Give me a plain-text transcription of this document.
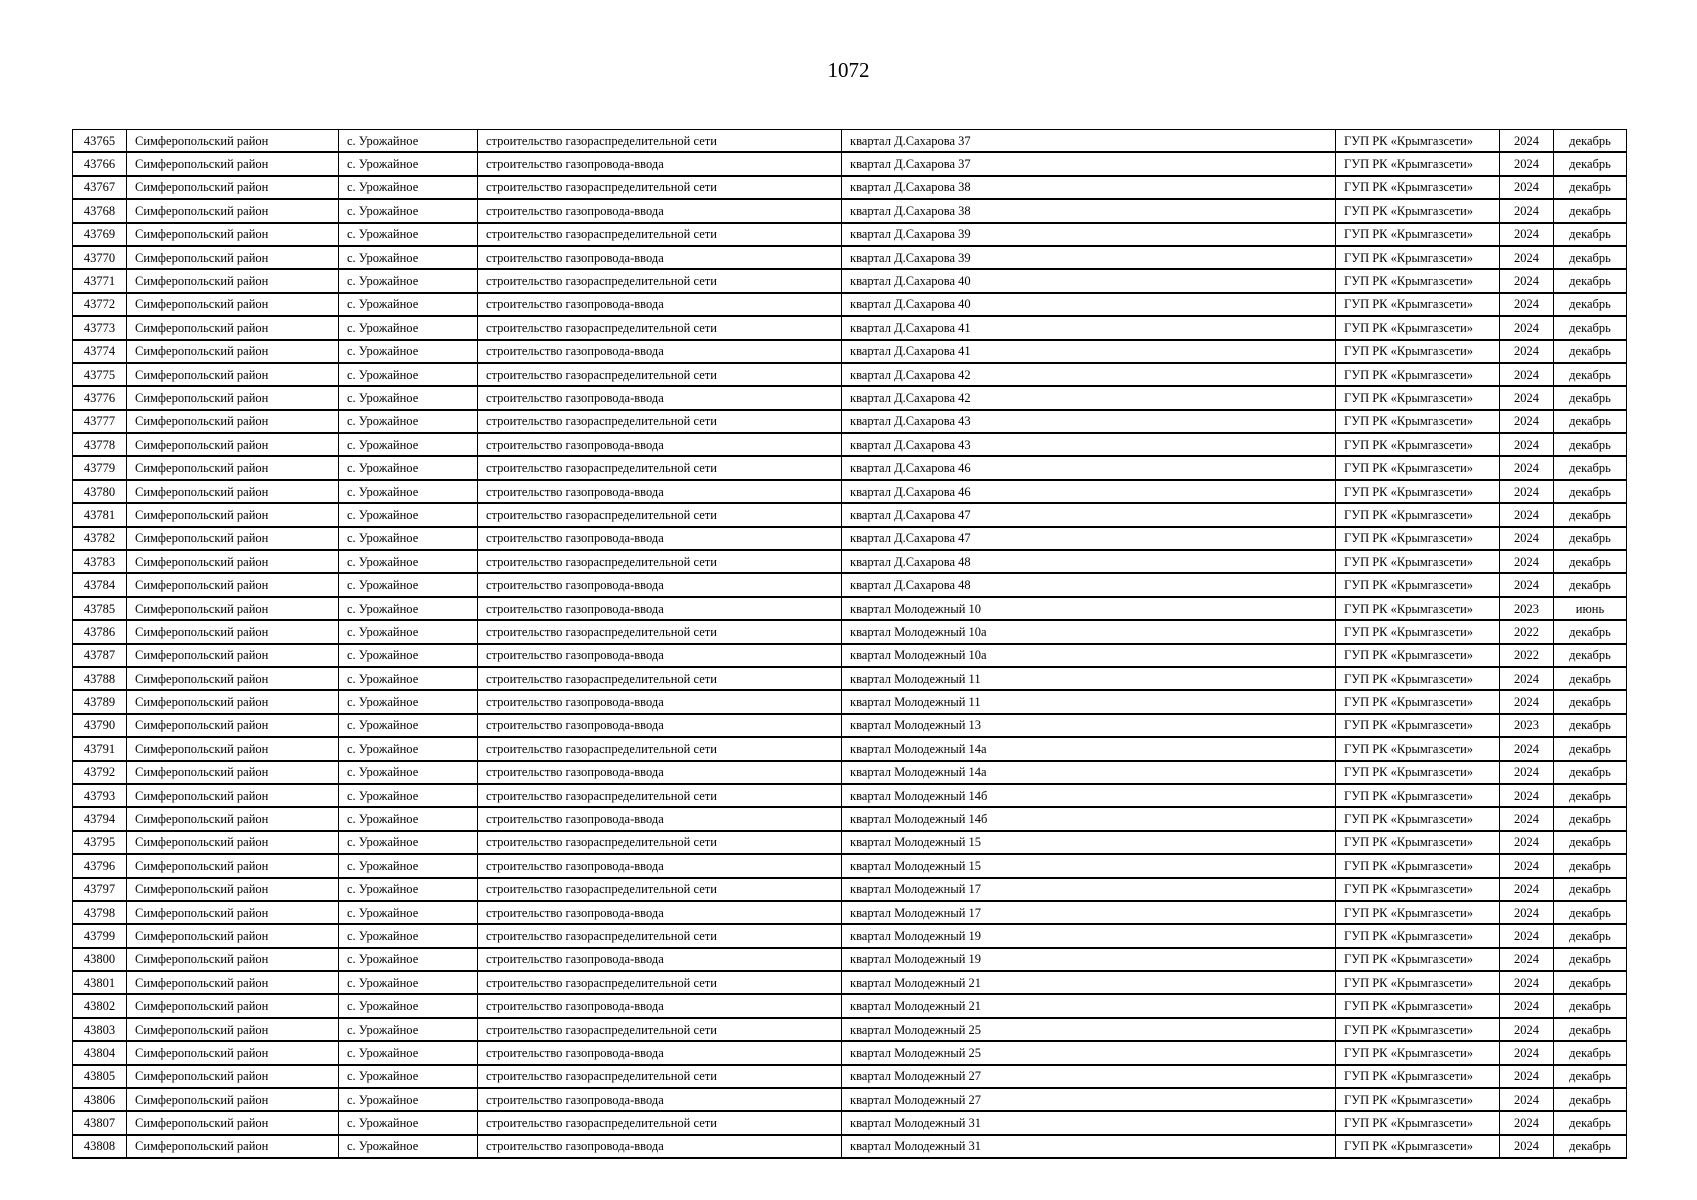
1072
43765	Симферопольский район	с. Урожайное	строительство газораспределительной сети	квартал Д.Сахарова 37	ГУП РК «Крымгазсети»	2024	декабрь
43766	Симферопольский район	с. Урожайное	строительство газопровода-ввода	квартал Д.Сахарова 37	ГУП РК «Крымгазсети»	2024	декабрь
43767	Симферопольский район	с. Урожайное	строительство газораспределительной сети	квартал Д.Сахарова 38	ГУП РК «Крымгазсети»	2024	декабрь
43768	Симферопольский район	с. Урожайное	строительство газопровода-ввода	квартал Д.Сахарова 38	ГУП РК «Крымгазсети»	2024	декабрь
43769	Симферопольский район	с. Урожайное	строительство газораспределительной сети	квартал Д.Сахарова 39	ГУП РК «Крымгазсети»	2024	декабрь
43770	Симферопольский район	с. Урожайное	строительство газопровода-ввода	квартал Д.Сахарова 39	ГУП РК «Крымгазсети»	2024	декабрь
43771	Симферопольский район	с. Урожайное	строительство газораспределительной сети	квартал Д.Сахарова 40	ГУП РК «Крымгазсети»	2024	декабрь
43772	Симферопольский район	с. Урожайное	строительство газопровода-ввода	квартал Д.Сахарова 40	ГУП РК «Крымгазсети»	2024	декабрь
43773	Симферопольский район	с. Урожайное	строительство газораспределительной сети	квартал Д.Сахарова 41	ГУП РК «Крымгазсети»	2024	декабрь
43774	Симферопольский район	с. Урожайное	строительство газопровода-ввода	квартал Д.Сахарова 41	ГУП РК «Крымгазсети»	2024	декабрь
43775	Симферопольский район	с. Урожайное	строительство газораспределительной сети	квартал Д.Сахарова 42	ГУП РК «Крымгазсети»	2024	декабрь
43776	Симферопольский район	с. Урожайное	строительство газопровода-ввода	квартал Д.Сахарова 42	ГУП РК «Крымгазсети»	2024	декабрь
43777	Симферопольский район	с. Урожайное	строительство газораспределительной сети	квартал Д.Сахарова 43	ГУП РК «Крымгазсети»	2024	декабрь
43778	Симферопольский район	с. Урожайное	строительство газопровода-ввода	квартал Д.Сахарова 43	ГУП РК «Крымгазсети»	2024	декабрь
43779	Симферопольский район	с. Урожайное	строительство газораспределительной сети	квартал Д.Сахарова 46	ГУП РК «Крымгазсети»	2024	декабрь
43780	Симферопольский район	с. Урожайное	строительство газопровода-ввода	квартал Д.Сахарова 46	ГУП РК «Крымгазсети»	2024	декабрь
43781	Симферопольский район	с. Урожайное	строительство газораспределительной сети	квартал Д.Сахарова 47	ГУП РК «Крымгазсети»	2024	декабрь
43782	Симферопольский район	с. Урожайное	строительство газопровода-ввода	квартал Д.Сахарова 47	ГУП РК «Крымгазсети»	2024	декабрь
43783	Симферопольский район	с. Урожайное	строительство газораспределительной сети	квартал Д.Сахарова 48	ГУП РК «Крымгазсети»	2024	декабрь
43784	Симферопольский район	с. Урожайное	строительство газопровода-ввода	квартал Д.Сахарова 48	ГУП РК «Крымгазсети»	2024	декабрь
43785	Симферопольский район	с. Урожайное	строительство газопровода-ввода	квартал Молодежный 10	ГУП РК «Крымгазсети»	2023	июнь
43786	Симферопольский район	с. Урожайное	строительство газораспределительной сети	квартал Молодежный 10а	ГУП РК «Крымгазсети»	2022	декабрь
43787	Симферопольский район	с. Урожайное	строительство газопровода-ввода	квартал Молодежный 10а	ГУП РК «Крымгазсети»	2022	декабрь
43788	Симферопольский район	с. Урожайное	строительство газораспределительной сети	квартал Молодежный 11	ГУП РК «Крымгазсети»	2024	декабрь
43789	Симферопольский район	с. Урожайное	строительство газопровода-ввода	квартал Молодежный 11	ГУП РК «Крымгазсети»	2024	декабрь
43790	Симферопольский район	с. Урожайное	строительство газопровода-ввода	квартал Молодежный 13	ГУП РК «Крымгазсети»	2023	декабрь
43791	Симферопольский район	с. Урожайное	строительство газораспределительной сети	квартал Молодежный 14а	ГУП РК «Крымгазсети»	2024	декабрь
43792	Симферопольский район	с. Урожайное	строительство газопровода-ввода	квартал Молодежный 14а	ГУП РК «Крымгазсети»	2024	декабрь
43793	Симферопольский район	с. Урожайное	строительство газораспределительной сети	квартал Молодежный 14б	ГУП РК «Крымгазсети»	2024	декабрь
43794	Симферопольский район	с. Урожайное	строительство газопровода-ввода	квартал Молодежный 14б	ГУП РК «Крымгазсети»	2024	декабрь
43795	Симферопольский район	с. Урожайное	строительство газораспределительной сети	квартал Молодежный 15	ГУП РК «Крымгазсети»	2024	декабрь
43796	Симферопольский район	с. Урожайное	строительство газопровода-ввода	квартал Молодежный 15	ГУП РК «Крымгазсети»	2024	декабрь
43797	Симферопольский район	с. Урожайное	строительство газораспределительной сети	квартал Молодежный 17	ГУП РК «Крымгазсети»	2024	декабрь
43798	Симферопольский район	с. Урожайное	строительство газопровода-ввода	квартал Молодежный 17	ГУП РК «Крымгазсети»	2024	декабрь
43799	Симферопольский район	с. Урожайное	строительство газораспределительной сети	квартал Молодежный 19	ГУП РК «Крымгазсети»	2024	декабрь
43800	Симферопольский район	с. Урожайное	строительство газопровода-ввода	квартал Молодежный 19	ГУП РК «Крымгазсети»	2024	декабрь
43801	Симферопольский район	с. Урожайное	строительство газораспределительной сети	квартал Молодежный 21	ГУП РК «Крымгазсети»	2024	декабрь
43802	Симферопольский район	с. Урожайное	строительство газопровода-ввода	квартал Молодежный 21	ГУП РК «Крымгазсети»	2024	декабрь
43803	Симферопольский район	с. Урожайное	строительство газораспределительной сети	квартал Молодежный 25	ГУП РК «Крымгазсети»	2024	декабрь
43804	Симферопольский район	с. Урожайное	строительство газопровода-ввода	квартал Молодежный 25	ГУП РК «Крымгазсети»	2024	декабрь
43805	Симферопольский район	с. Урожайное	строительство газораспределительной сети	квартал Молодежный 27	ГУП РК «Крымгазсети»	2024	декабрь
43806	Симферопольский район	с. Урожайное	строительство газопровода-ввода	квартал Молодежный 27	ГУП РК «Крымгазсети»	2024	декабрь
43807	Симферопольский район	с. Урожайное	строительство газораспределительной сети	квартал Молодежный 31	ГУП РК «Крымгазсети»	2024	декабрь
43808	Симферопольский район	с. Урожайное	строительство газопровода-ввода	квартал Молодежный 31	ГУП РК «Крымгазсети»	2024	декабрь
